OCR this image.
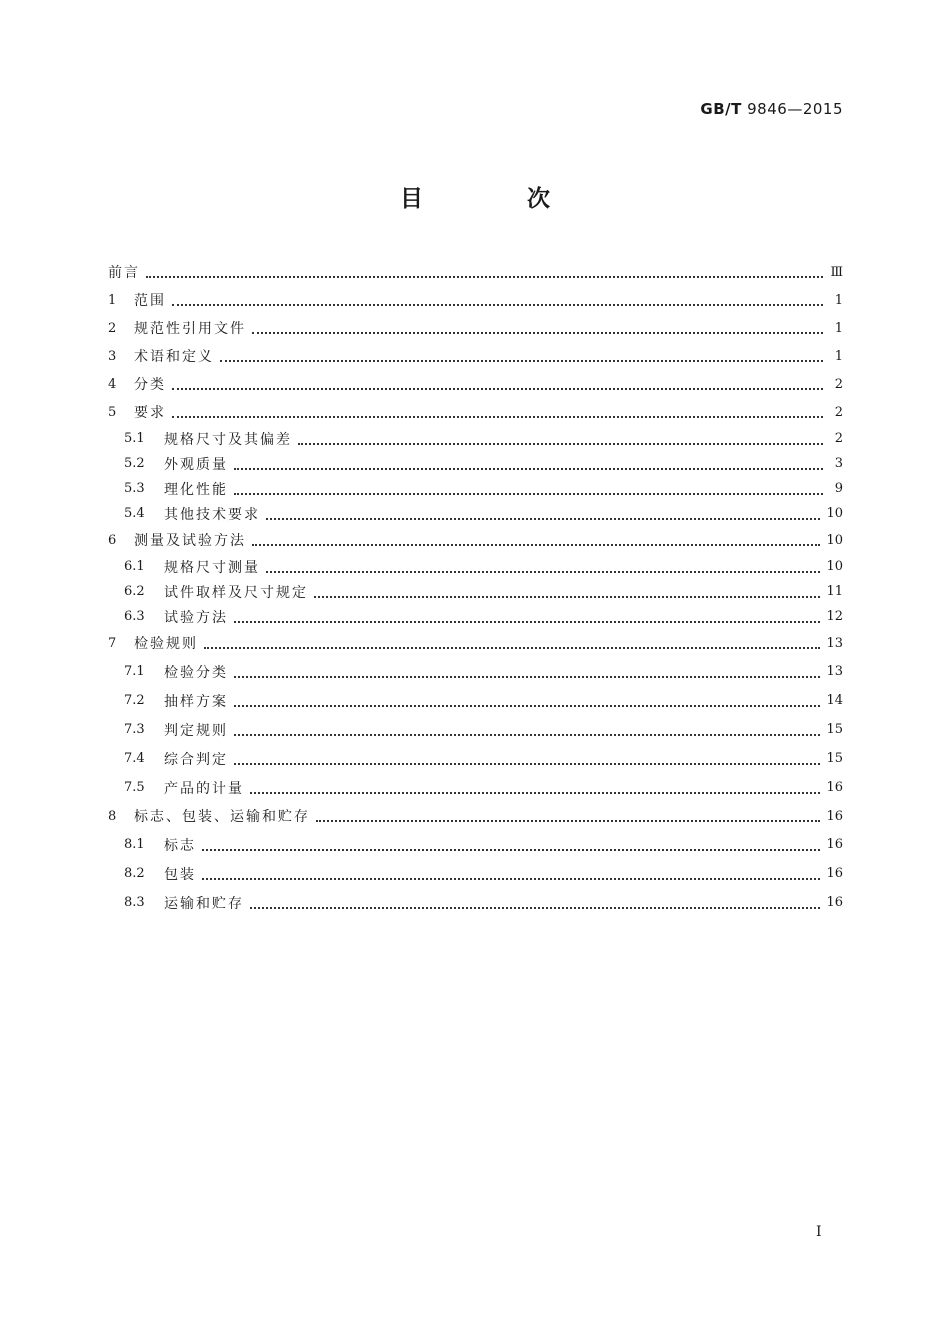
GB/T 9846—2015
目 次
前言	Ⅲ
1	范围	1
2	规范性引用文件	1
3	术语和定义	1
4	分类	2
5	要求	2
5.1	规格尺寸及其偏差	2
5.2	外观质量	3
5.3	理化性能	9
5.4	其他技术要求	10
6	测量及试验方法	10
6.1	规格尺寸测量	10
6.2	试件取样及尺寸规定	11
6.3	试验方法	12
7	检验规则	13
7.1	检验分类	13
7.2	抽样方案	14
7.3	判定规则	15
7.4	综合判定	15
7.5	产品的计量	16
8	标志、包装、运输和贮存	16
8.1	标志	16
8.2	包装	16
8.3	运输和贮存	16
I
